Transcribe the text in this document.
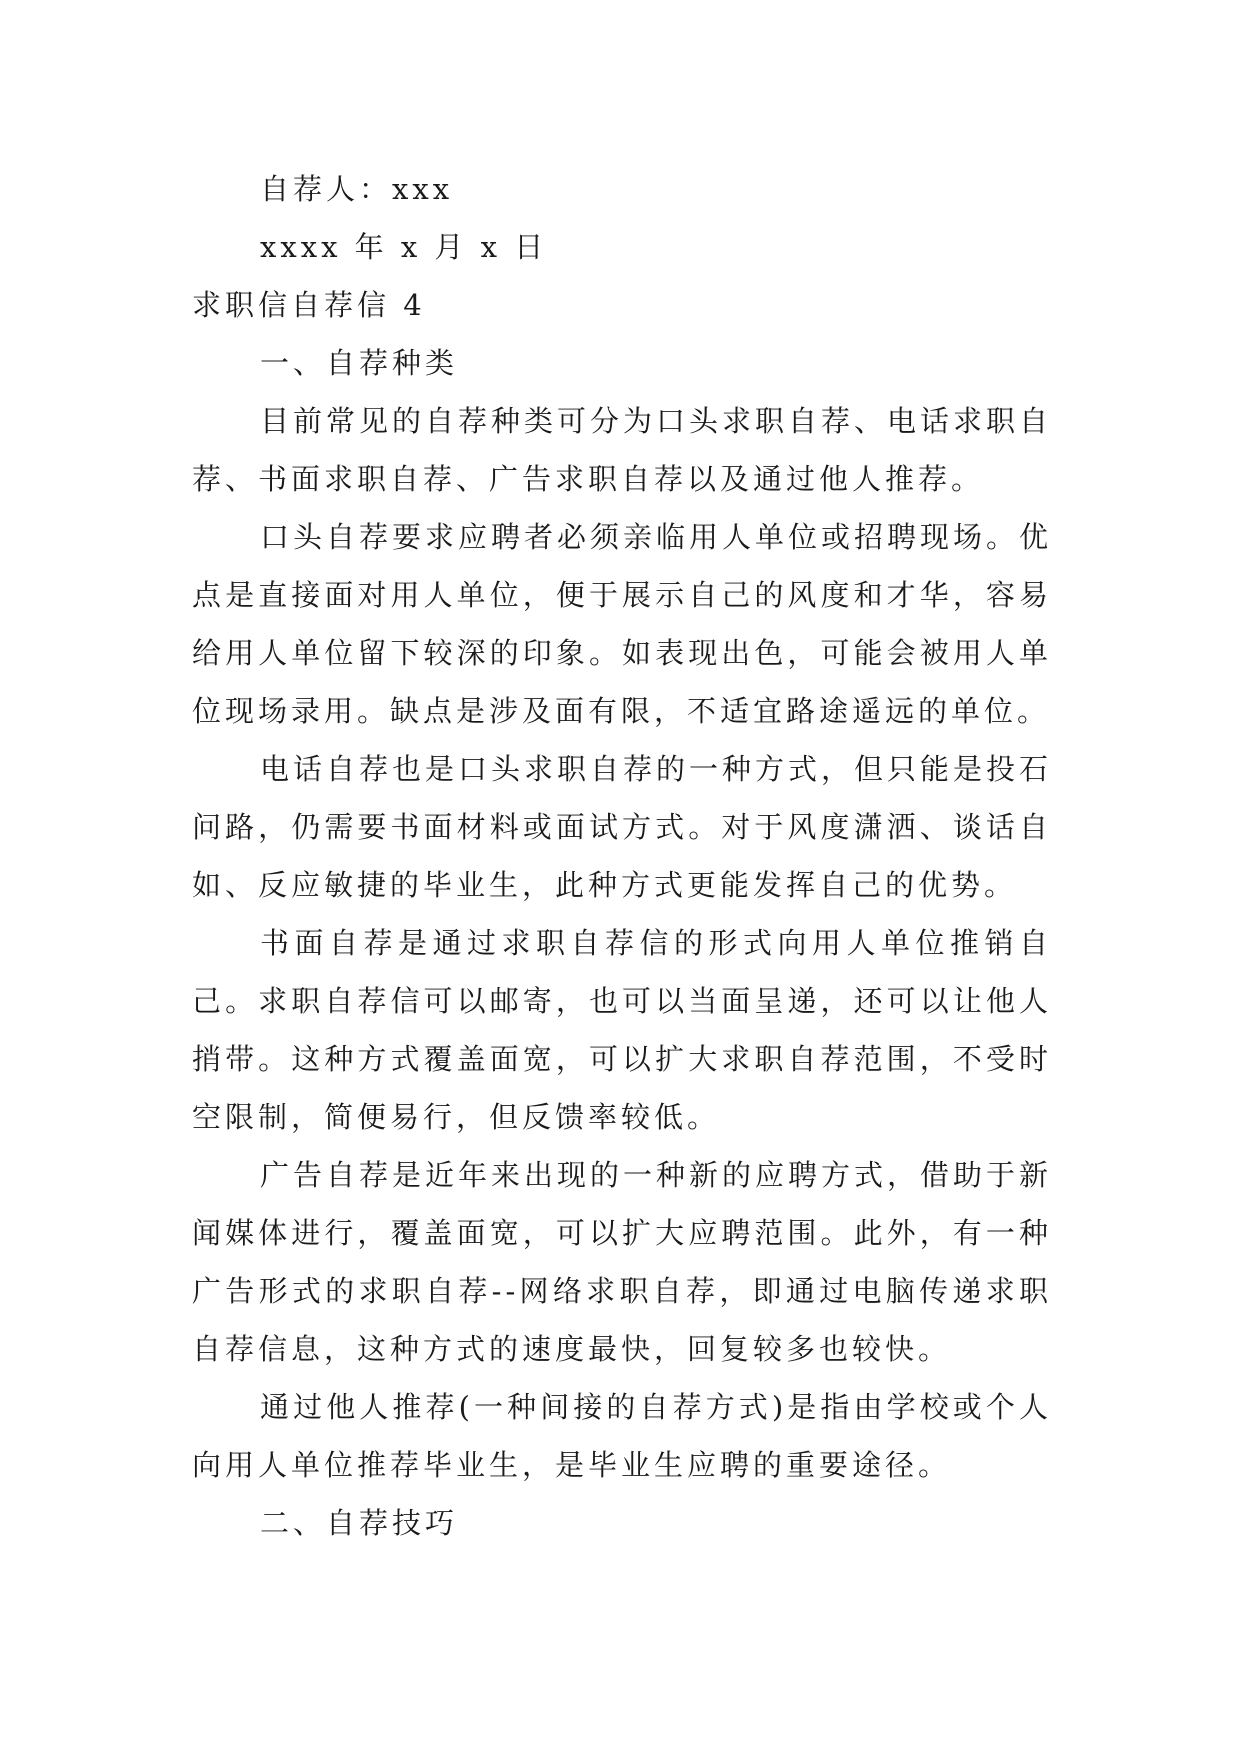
自荐人：xxx

xxxx 年 x 月 x 日

求职信自荐信 4

一、自荐种类

目前常见的自荐种类可分为口头求职自荐、电话求职自荐、书面求职自荐、广告求职自荐以及通过他人推荐。

口头自荐要求应聘者必须亲临用人单位或招聘现场。优点是直接面对用人单位，便于展示自己的风度和才华，容易给用人单位留下较深的印象。如表现出色，可能会被用人单位现场录用。缺点是涉及面有限，不适宜路途遥远的单位。

电话自荐也是口头求职自荐的一种方式，但只能是投石问路，仍需要书面材料或面试方式。对于风度潇洒、谈话自如、反应敏捷的毕业生，此种方式更能发挥自己的优势。

书面自荐是通过求职自荐信的形式向用人单位推销自己。求职自荐信可以邮寄，也可以当面呈递，还可以让他人捎带。这种方式覆盖面宽，可以扩大求职自荐范围，不受时空限制，简便易行，但反馈率较低。

广告自荐是近年来出现的一种新的应聘方式，借助于新闻媒体进行，覆盖面宽，可以扩大应聘范围。此外，有一种广告形式的求职自荐--网络求职自荐，即通过电脑传递求职自荐信息，这种方式的速度最快，回复较多也较快。

通过他人推荐(一种间接的自荐方式)是指由学校或个人向用人单位推荐毕业生，是毕业生应聘的重要途径。

二、自荐技巧
